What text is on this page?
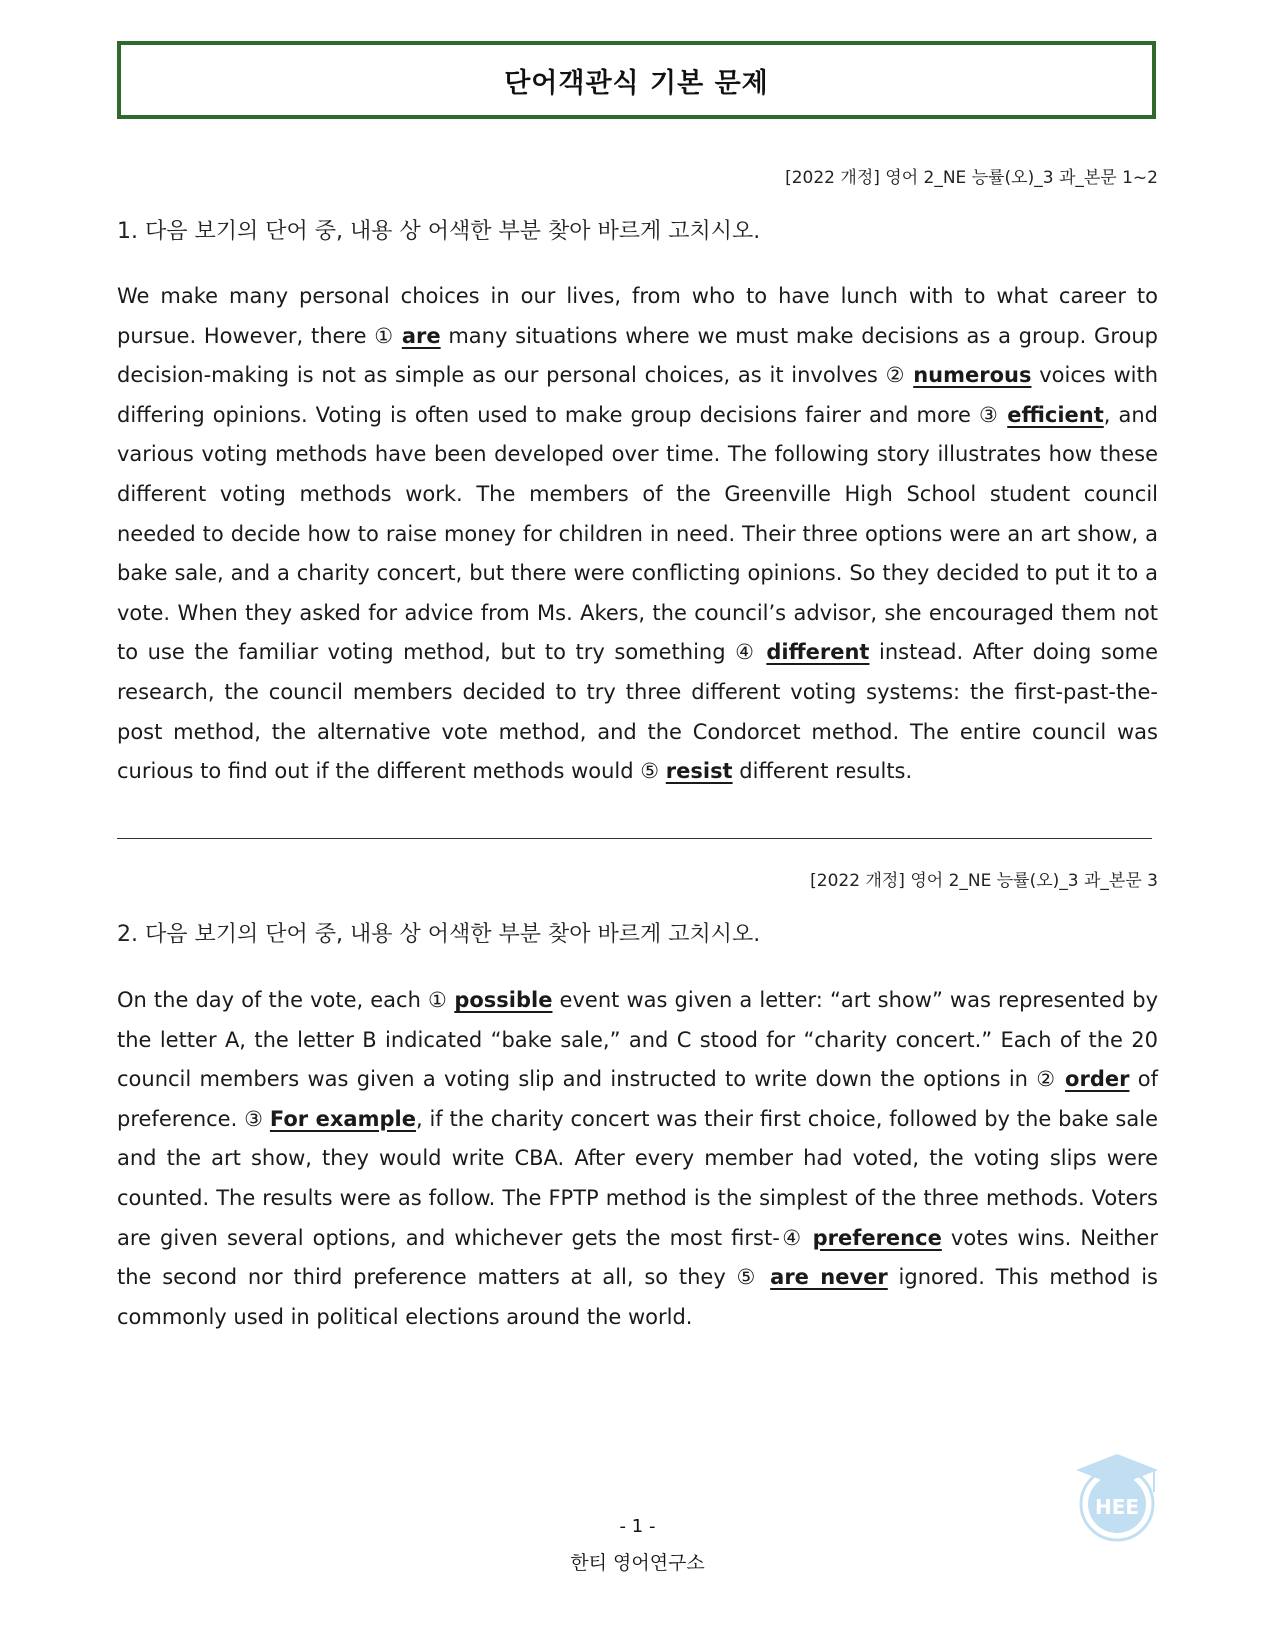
단어객관식 기본 문제
[2022 개정] 영어 2_NE 능률(오)_3 과_본문 1~2
1. 다음 보기의 단어 중, 내용 상 어색한 부분 찾아 바르게 고치시오.

We make many personal choices in our lives, from who to have lunch with to what career to pursue. However, there ① are many situations where we must make decisions as a group. Group decision-making is not as simple as our personal choices, as it involves ② numerous voices with differing opinions. Voting is often used to make group decisions fairer and more ③ efficient, and various voting methods have been developed over time. The following story illustrates how these different voting methods work. The members of the Greenville High School student council needed to decide how to raise money for children in need. Their three options were an art show, a bake sale, and a charity concert, but there were conflicting opinions. So they decided to put it to a vote. When they asked for advice from Ms. Akers, the council’s advisor, she encouraged them not to use the familiar voting method, but to try something ④ different instead. After doing some research, the council members decided to try three different voting systems: the first-past-the-post method, the alternative vote method, and the Condorcet method. The entire council was curious to find out if the different methods would ⑤ resist different results.

[2022 개정] 영어 2_NE 능률(오)_3 과_본문 3
2. 다음 보기의 단어 중, 내용 상 어색한 부분 찾아 바르게 고치시오.

On the day of the vote, each ① possible event was given a letter: “art show” was represented by the letter A, the letter B indicated “bake sale,” and C stood for “charity concert.” Each of the 20 council members was given a voting slip and instructed to write down the options in ② order of preference. ③ For example, if the charity concert was their first choice, followed by the bake sale and the art show, they would write CBA. After every member had voted, the voting slips were counted. The results were as follow. The FPTP method is the simplest of the three methods. Voters are given several options, and whichever gets the most first-④ preference votes wins. Neither the second nor third preference matters at all, so they ⑤ are never ignored. This method is commonly used in political elections around the world.

- 1 -
한티 영어연구소
HEE
